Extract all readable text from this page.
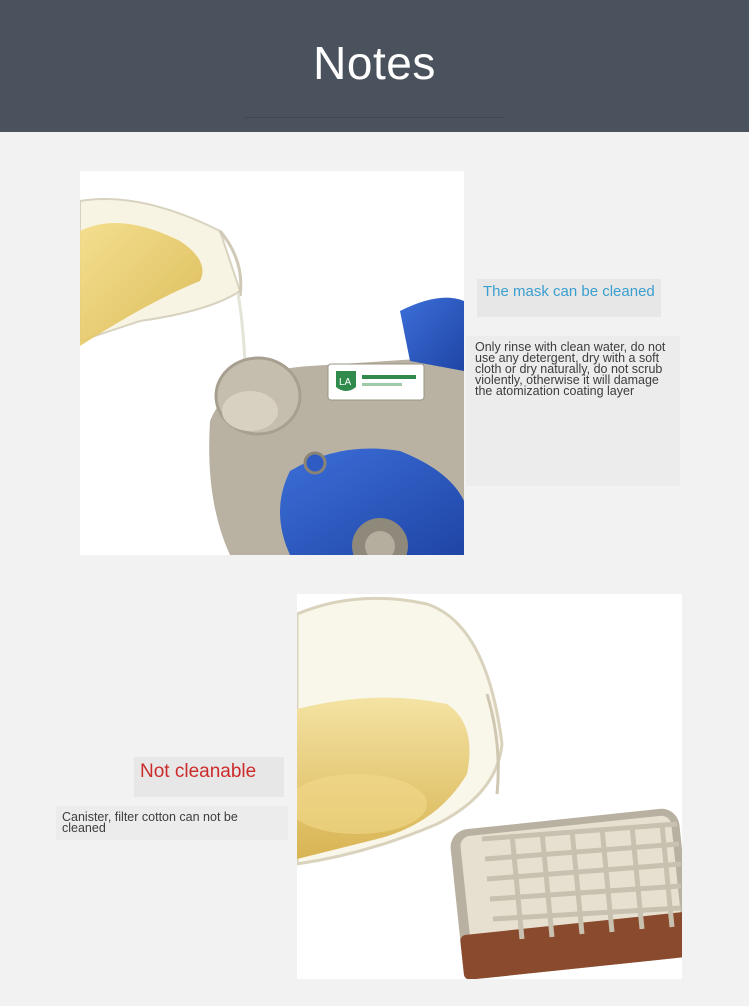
Notes
LA
The mask can be cleaned
Only rinse with clean water, do not use any detergent, dry with a soft cloth or dry naturally, do not scrub violently, otherwise it will damage the atomization coating layer
Not cleanable
Canister, filter cotton can not be cleaned
